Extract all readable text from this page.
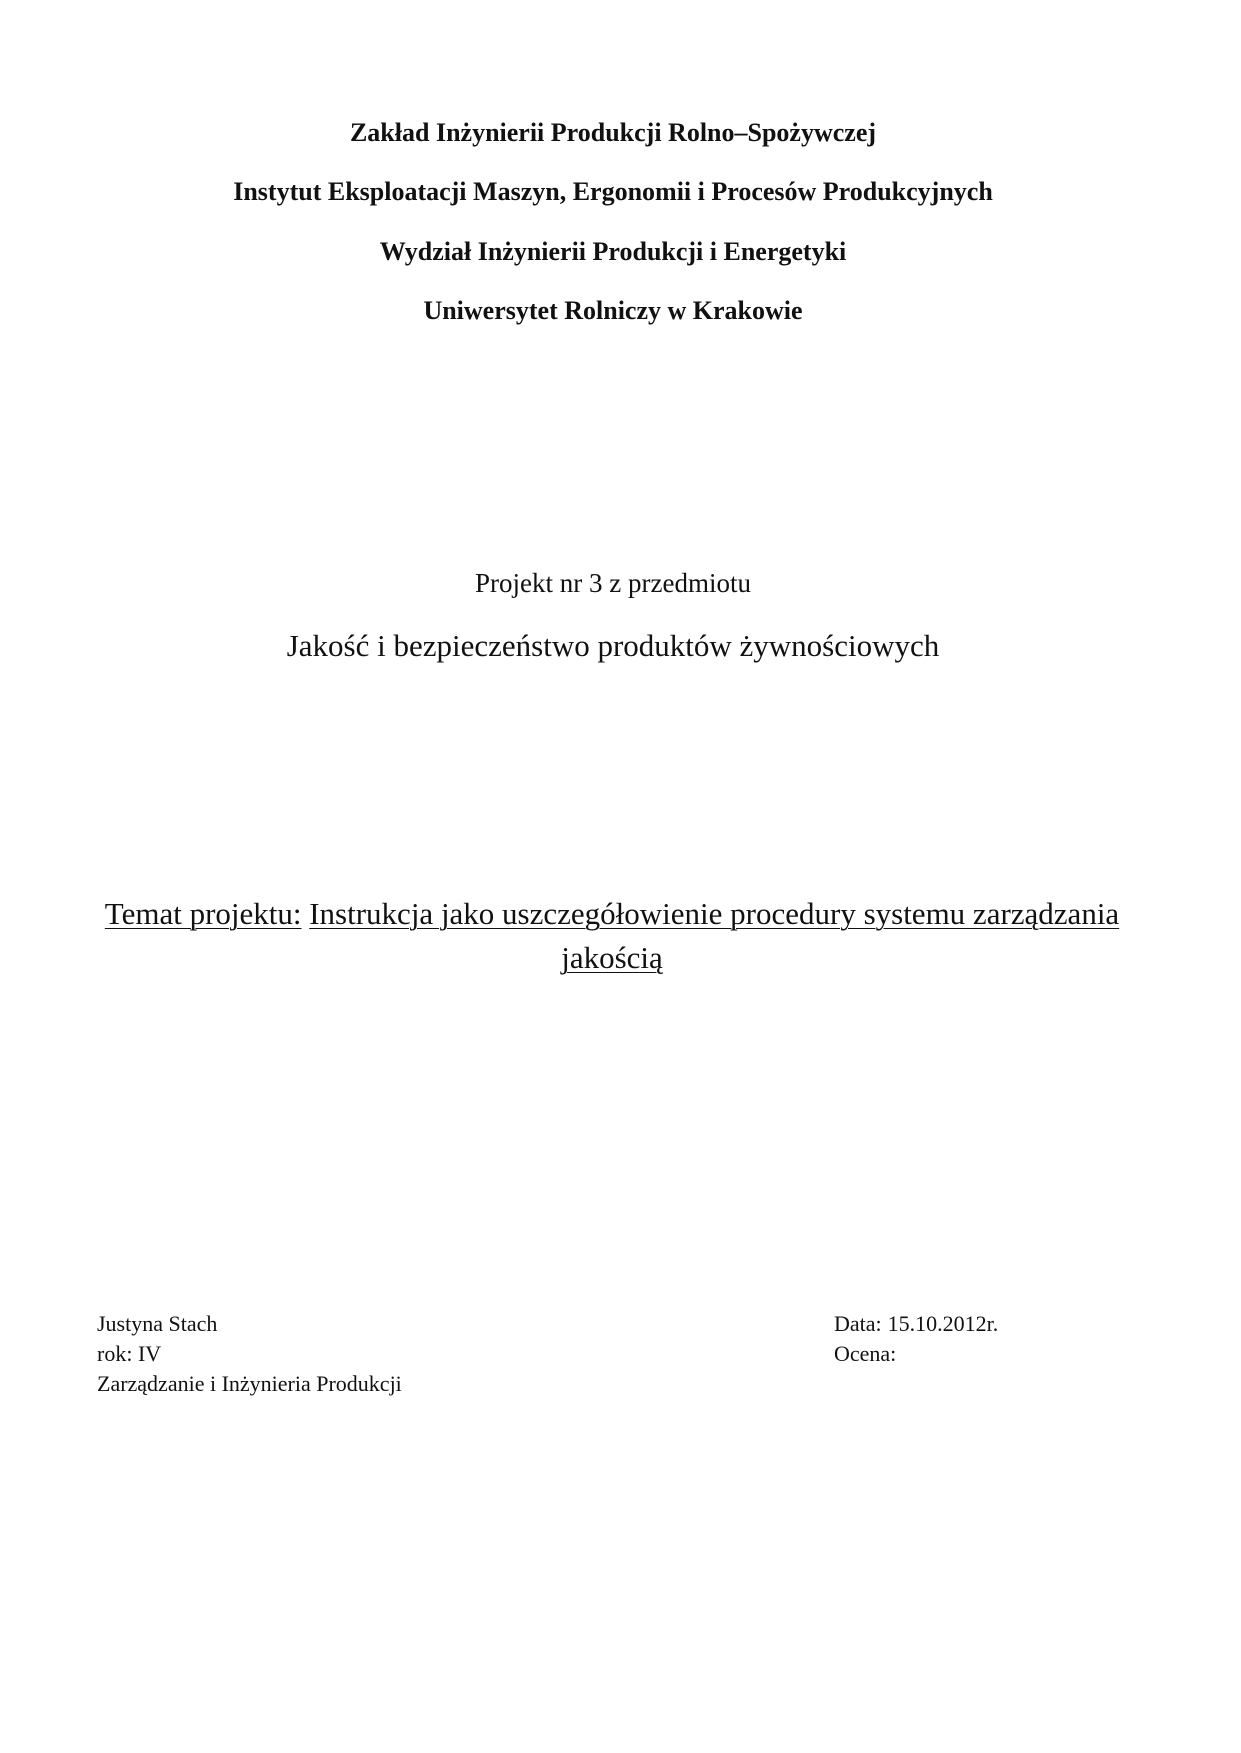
Zakład Inżynierii Produkcji Rolno–Spożywczej
Instytut Eksploatacji Maszyn, Ergonomii i Procesów Produkcyjnych
Wydział Inżynierii Produkcji i Energetyki
Uniwersytet Rolniczy w Krakowie
Projekt nr 3 z przedmiotu
Jakość i bezpieczeństwo produktów żywnościowych
Temat projektu: Instrukcja jako uszczegółowienie procedury systemu zarządzania jakością
Justyna Stach
rok: IV
Zarządzanie i Inżynieria Produkcji
Data: 15.10.2012r.
Ocena:
